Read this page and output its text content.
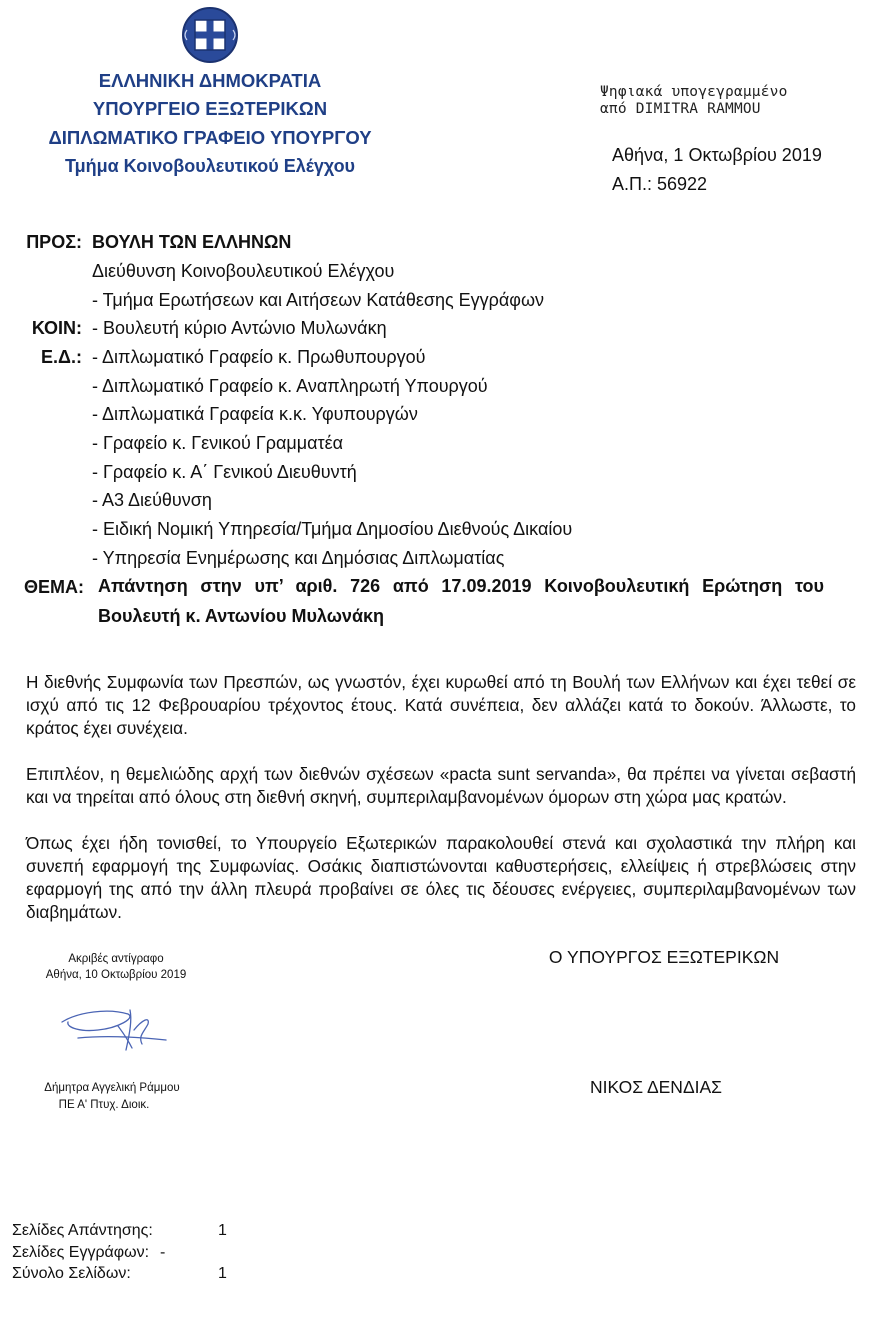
ΕΛΛΗΝΙΚΗ ΔΗΜΟΚΡΑΤΙΑ
ΥΠΟΥΡΓΕΙΟ ΕΞΩΤΕΡΙΚΩΝ
ΔΙΠΛΩΜΑΤΙΚΟ ΓΡΑΦΕΙΟ ΥΠΟΥΡΓΟΥ
Τμήμα Κοινοβουλευτικού Ελέγχου
Ψηφιακά υπογεγραμμένο
από DIMITRA RAMMOU
Αθήνα, 1 Οκτωβρίου 2019
Α.Π.: 56922
ΠΡΟΣ: ΒΟΥΛΗ ΤΩΝ ΕΛΛΗΝΩΝ
Διεύθυνση Κοινοβουλευτικού Ελέγχου
- Τμήμα Ερωτήσεων και Αιτήσεων Κατάθεσης Εγγράφων
ΚΟΙΝ: - Βουλευτή κύριο Αντώνιο Μυλωνάκη
Ε.Δ.: - Διπλωματικό Γραφείο κ. Πρωθυπουργού
- Διπλωματικό Γραφείο κ. Αναπληρωτή Υπουργού
- Διπλωματικά Γραφεία κ.κ. Υφυπουργών
- Γραφείο κ. Γενικού Γραμματέα
- Γραφείο κ. Α΄ Γενικού Διευθυντή
- Α3 Διεύθυνση
- Ειδική Νομική Υπηρεσία/Τμήμα Δημοσίου Διεθνούς Δικαίου
- Υπηρεσία Ενημέρωσης και Δημόσιας Διπλωματίας
ΘΕΜΑ: Απάντηση στην υπ’ αριθ. 726 από 17.09.2019 Κοινοβουλευτική Ερώτηση του
Βουλευτή κ. Αντωνίου Μυλωνάκη

Η διεθνής Συμφωνία των Πρεσπών, ως γνωστόν, έχει κυρωθεί από τη Βουλή των Ελλήνων και έχει τεθεί σε ισχύ από τις 12 Φεβρουαρίου τρέχοντος έτους. Κατά συνέπεια, δεν αλλάζει κατά το δοκούν. Άλλωστε, το κράτος έχει συνέχεια.

Επιπλέον, η θεμελιώδης αρχή των διεθνών σχέσεων «pacta sunt servanda», θα πρέπει να γίνεται σεβαστή και να τηρείται από όλους στη διεθνή σκηνή, συμπεριλαμβανομένων όμορων στη χώρα μας κρατών.

Όπως έχει ήδη τονισθεί, το Υπουργείο Εξωτερικών παρακολουθεί στενά και σχολαστικά την πλήρη και συνεπή εφαρμογή της Συμφωνίας. Οσάκις διαπιστώνονται καθυστερήσεις, ελλείψεις ή στρεβλώσεις στην εφαρμογή της από την άλλη πλευρά προβαίνει σε όλες τις δέουσες ενέργειες, συμπεριλαμβανομένων των διαβημάτων.

Ακριβές αντίγραφο
Αθήνα, 10 Οκτωβρίου 2019
Δήμητρα Αγγελική Ράμμου
ΠΕ Α' Πτυχ. Διοικ.
Ο ΥΠΟΥΡΓΟΣ ΕΞΩΤΕΡΙΚΩΝ
ΝΙΚΟΣ ΔΕΝΔΙΑΣ
Σελίδες Απάντησης:	1
Σελίδες Εγγράφων: -
Σύνολο Σελίδων:	1
